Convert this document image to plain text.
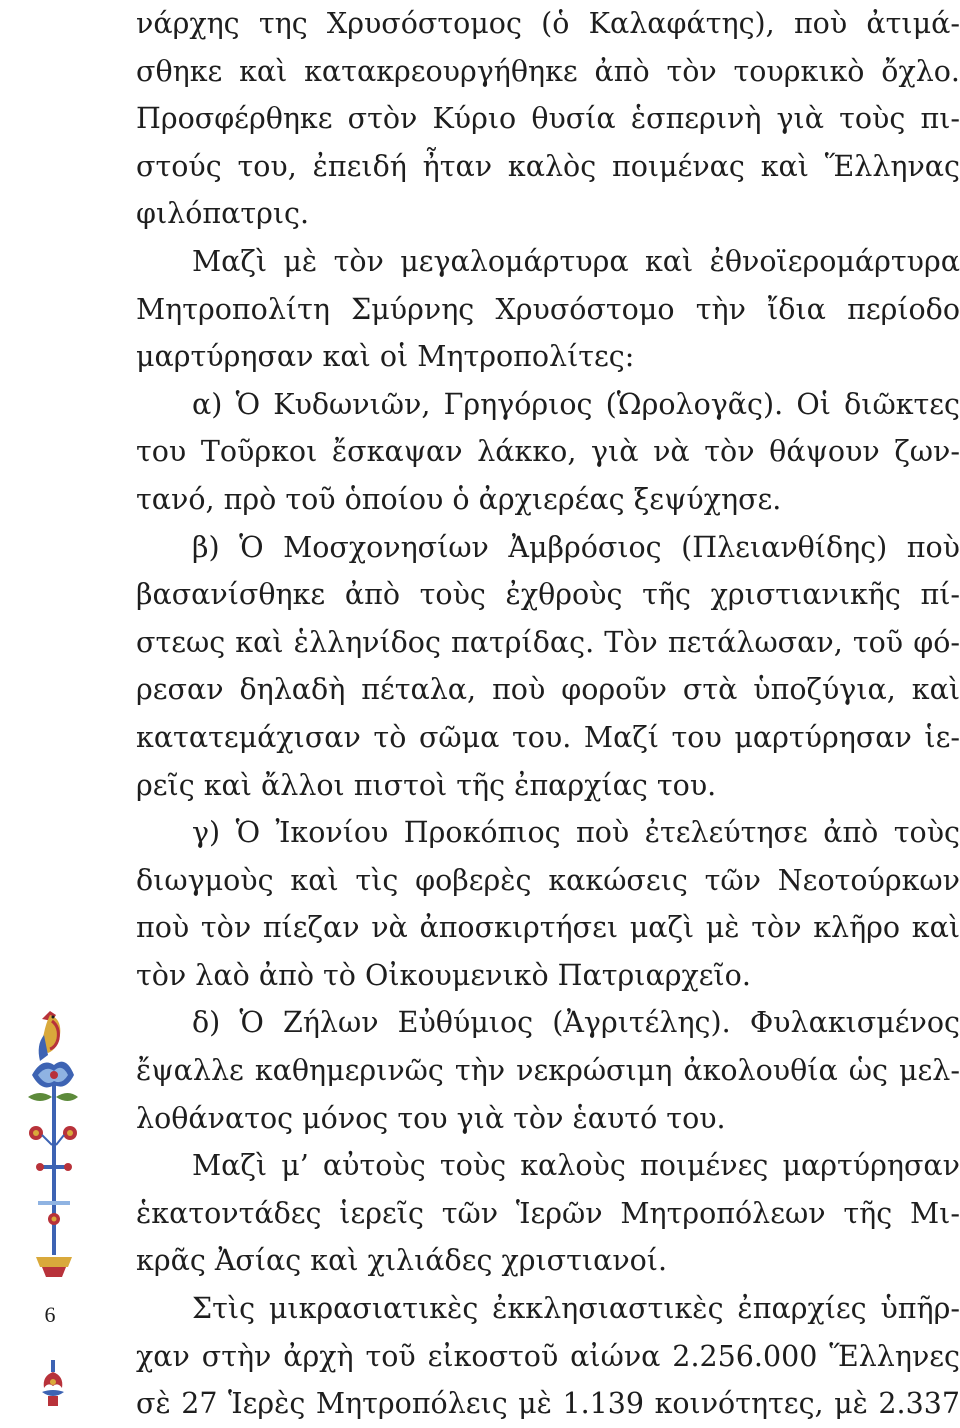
νάρχης της Χρυσόστομος (ὁ Καλαφάτης), ποὺ ἀτιμά-
σθηκε καὶ κατακρεουργήθηκε ἀπὸ τὸν τουρκικὸ ὄχλο.
Προσφέρθηκε στὸν Κύριο θυσία ἑσπερινὴ γιὰ τοὺς πι-
στούς του, ἐπειδή ἦταν καλὸς ποιμένας καὶ Ἕλληνας
φιλόπατρις.
Μαζὶ μὲ τὸν μεγαλομάρτυρα καὶ ἐθνοϊερομάρτυρα
Μητροπολίτη Σμύρνης Χρυσόστομο τὴν ἴδια περίοδο
μαρτύρησαν καὶ οἱ Μητροπολίτες:
α) Ὁ Κυδωνιῶν, Γρηγόριος (Ὡρολογᾶς). Οἱ διῶκτες
του Τοῦρκοι ἔσκαψαν λάκκο, γιὰ νὰ τὸν θάψουν ζων-
τανό, πρὸ τοῦ ὁποίου ὁ ἀρχιερέας ξεψύχησε.
β) Ὁ Μοσχονησίων Ἀμβρόσιος (Πλειανθίδης) ποὺ
βασανίσθηκε ἀπὸ τοὺς ἐχθροὺς τῆς χριστιανικῆς πί-
στεως καὶ ἑλληνίδος πατρίδας. Τὸν πετάλωσαν, τοῦ φό-
ρεσαν δηλαδὴ πέταλα, ποὺ φοροῦν στὰ ὑποζύγια, καὶ
κατατεμάχισαν τὸ σῶμα του. Μαζί του μαρτύρησαν ἱε-
ρεῖς καὶ ἄλλοι πιστοὶ τῆς ἐπαρχίας του.
γ) Ὁ Ἰκονίου Προκόπιος ποὺ ἐτελεύτησε ἀπὸ τοὺς
διωγμοὺς καὶ τὶς φοβερὲς κακώσεις τῶν Νεοτούρκων
ποὺ τὸν πίεζαν νὰ ἀποσκιρτήσει μαζὶ μὲ τὸν κλῆρο καὶ
τὸν λαὸ ἀπὸ τὸ Οἰκουμενικὸ Πατριαρχεῖο.
δ) Ὁ Ζήλων Εὐθύμιος (Ἀγριτέλης). Φυλακισμένος
ἔψαλλε καθημερινῶς τὴν νεκρώσιμη ἀκολουθία ὡς μελ-
λοθάνατος μόνος του γιὰ τὸν ἑαυτό του.
Μαζὶ μ’ αὐτοὺς τοὺς καλοὺς ποιμένες μαρτύρησαν
ἑκατοντάδες ἱερεῖς τῶν Ἱερῶν Μητροπόλεων τῆς Μι-
κρᾶς Ἀσίας καὶ χιλιάδες χριστιανοί.
Στὶς μικρασιατικὲς ἐκκλησιαστικὲς ἐπαρχίες ὑπῆρ-
χαν στὴν ἀρχὴ τοῦ εἰκοστοῦ αἰώνα 2.256.000 Ἕλληνες
σὲ 27 Ἱερὲς Μητροπόλεις μὲ 1.139 κοινότητες, μὲ 2.337
6
